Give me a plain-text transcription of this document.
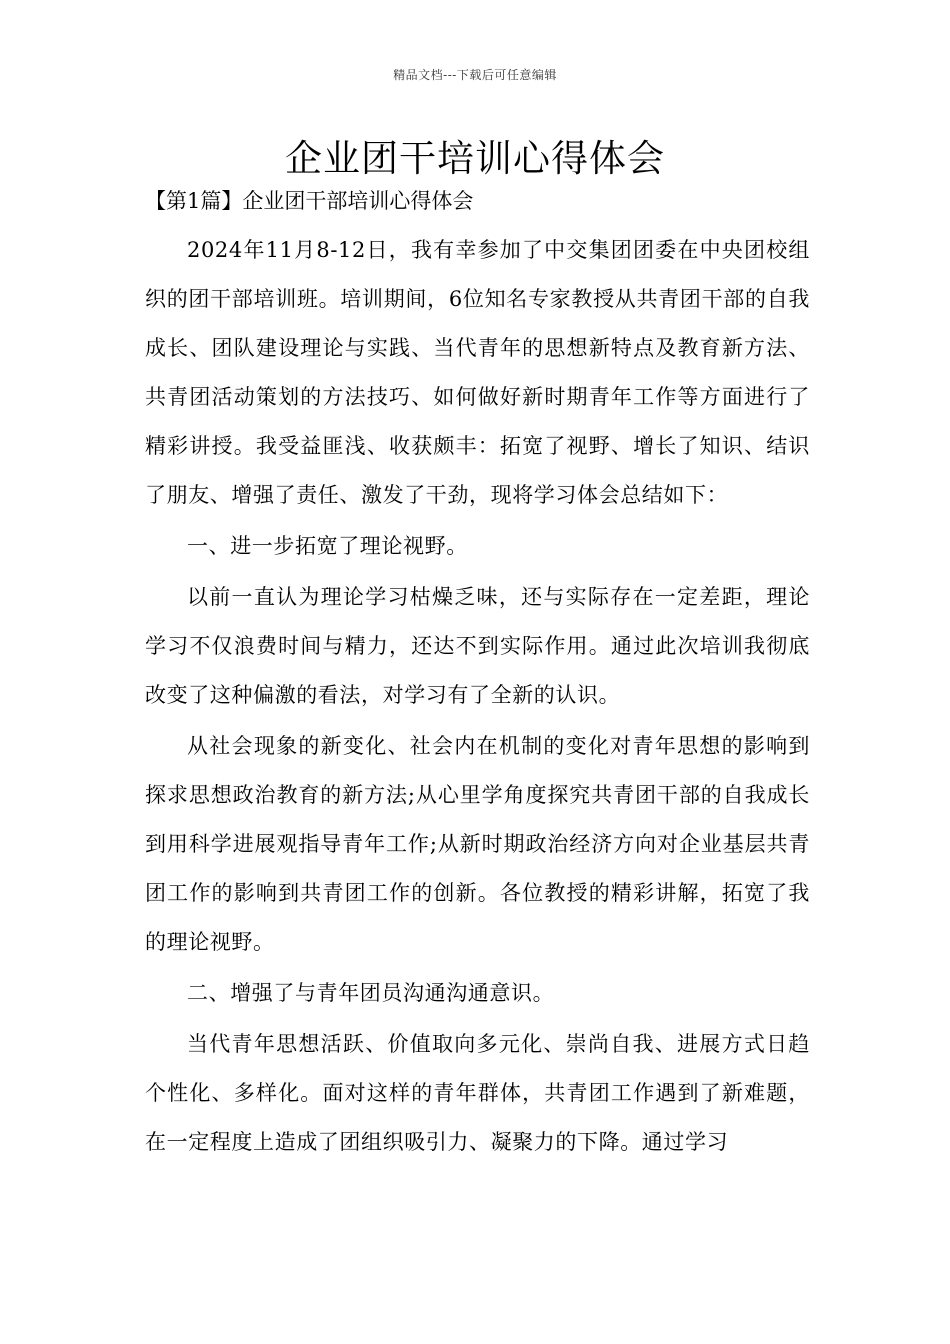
精品文档---下载后可任意编辑
企业团干培训心得体会
【第1篇】企业团干部培训心得体会

2024年11月8-12日，我有幸参加了中交集团团委在中央团校组织的团干部培训班。培训期间，6位知名专家教授从共青团干部的自我成长、团队建设理论与实践、当代青年的思想新特点及教育新方法、共青团活动策划的方法技巧、如何做好新时期青年工作等方面进行了精彩讲授。我受益匪浅、收获颇丰：拓宽了视野、增长了知识、结识了朋友、增强了责任、激发了干劲，现将学习体会总结如下：

一、进一步拓宽了理论视野。

以前一直认为理论学习枯燥乏味，还与实际存在一定差距，理论学习不仅浪费时间与精力，还达不到实际作用。通过此次培训我彻底改变了这种偏激的看法，对学习有了全新的认识。

从社会现象的新变化、社会内在机制的变化对青年思想的影响到探求思想政治教育的新方法;从心里学角度探究共青团干部的自我成长到用科学进展观指导青年工作;从新时期政治经济方向对企业基层共青团工作的影响到共青团工作的创新。各位教授的精彩讲解，拓宽了我的理论视野。

二、增强了与青年团员沟通沟通意识。

当代青年思想活跃、价值取向多元化、崇尚自我、进展方式日趋个性化、多样化。面对这样的青年群体，共青团工作遇到了新难题，在一定程度上造成了团组织吸引力、凝聚力的下降。通过学习
